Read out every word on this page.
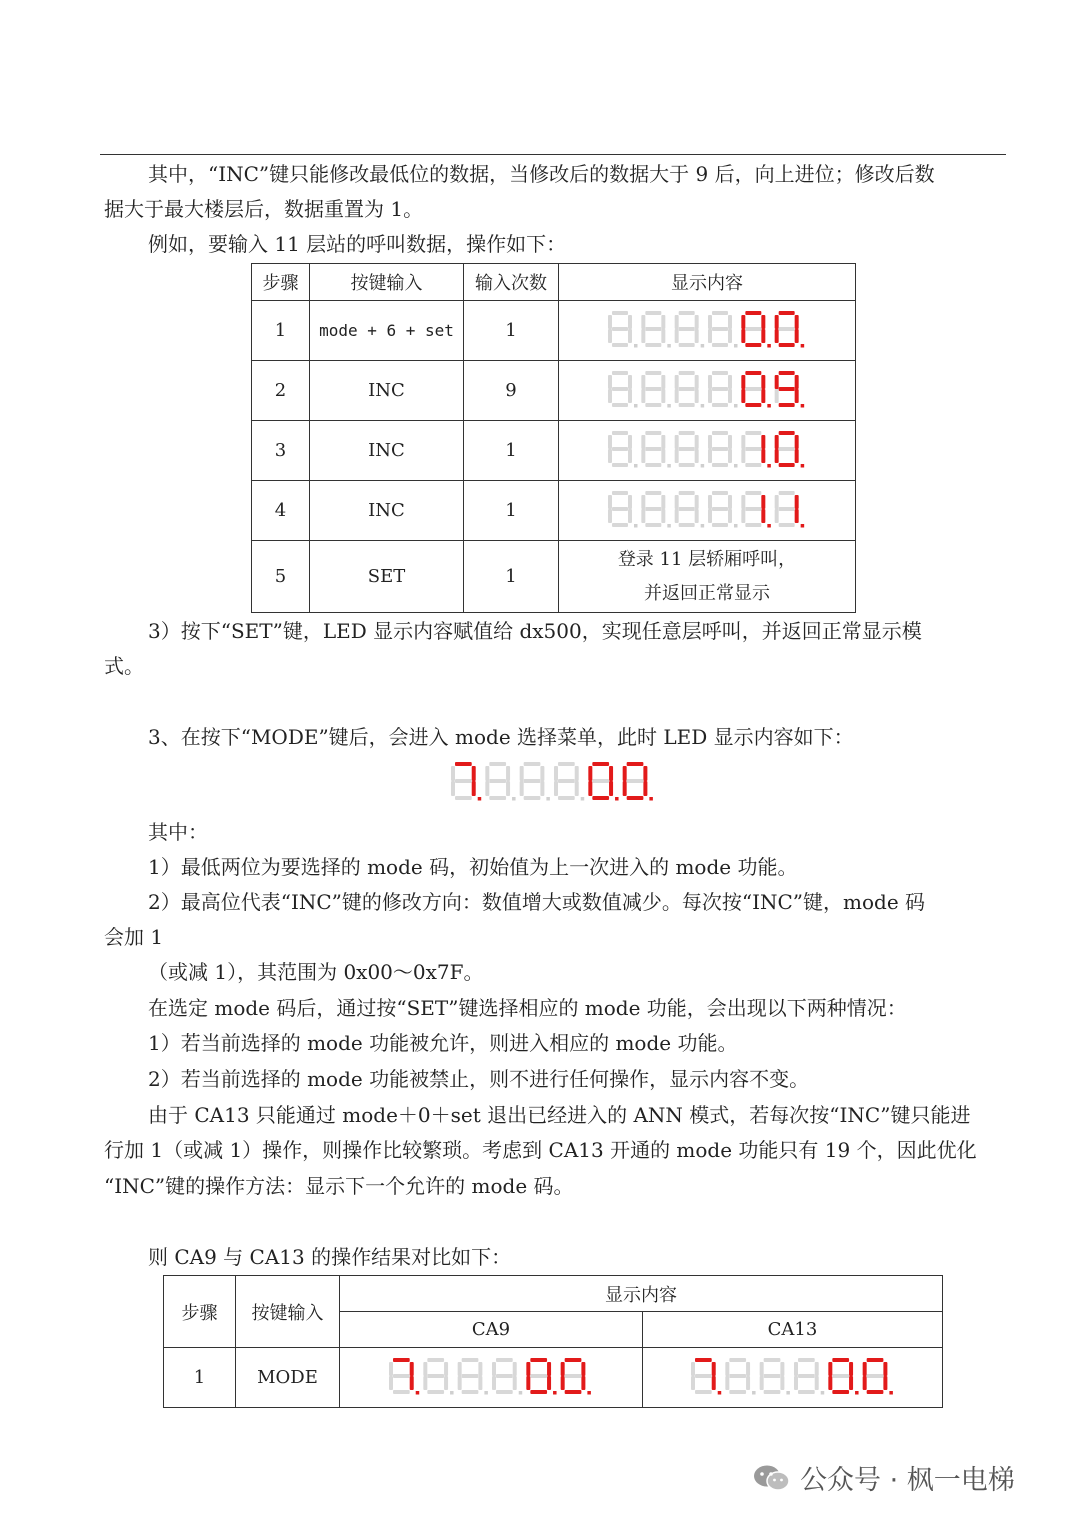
其中，“INC”键只能修改最低位的数据，当修改后的数据大于 9 后，向上进位；修改后数

据大于最大楼层后，数据重置为 1。

例如，要输入 11 层站的呼叫数据，操作如下：

步骤	按键输入	输入次数	显示内容
1	mode + 6 + set	1	

2	INC	9	

3	INC	1	

4	INC	1	

5	SET	1	登录 11 层轿厢呼叫，
并返回正常显示

3）按下“SET”键，LED 显示内容赋值给 dx500，实现任意层呼叫，并返回正常显示模

式。

3、在按下“MODE”键后，会进入 mode 选择菜单，此时 LED 显示内容如下：

其中：

1）最低两位为要选择的 mode 码，初始值为上一次进入的 mode 功能。

2）最高位代表“INC”键的修改方向：数值增大或数值减少。每次按“INC”键，mode 码

会加 1

（或减 1），其范围为 0x00～0x7F。

在选定 mode 码后，通过按“SET”键选择相应的 mode 功能，会出现以下两种情况：

1）若当前选择的 mode 功能被允许，则进入相应的 mode 功能。

2）若当前选择的 mode 功能被禁止，则不进行任何操作，显示内容不变。

由于 CA13 只能通过 mode＋0＋set 退出已经进入的 ANN 模式，若每次按“INC”键只能进

行加 1（或减 1）操作，则操作比较繁琐。考虑到 CA13 开通的 mode 功能只有 19 个，因此优化

“INC”键的操作方法：显示下一个允许的 mode 码。

则 CA9 与 CA13 的操作结果对比如下：

步骤	按键输入	显示内容	
		CA9	CA13
1	MODE	

公众号 · 枫一电梯
